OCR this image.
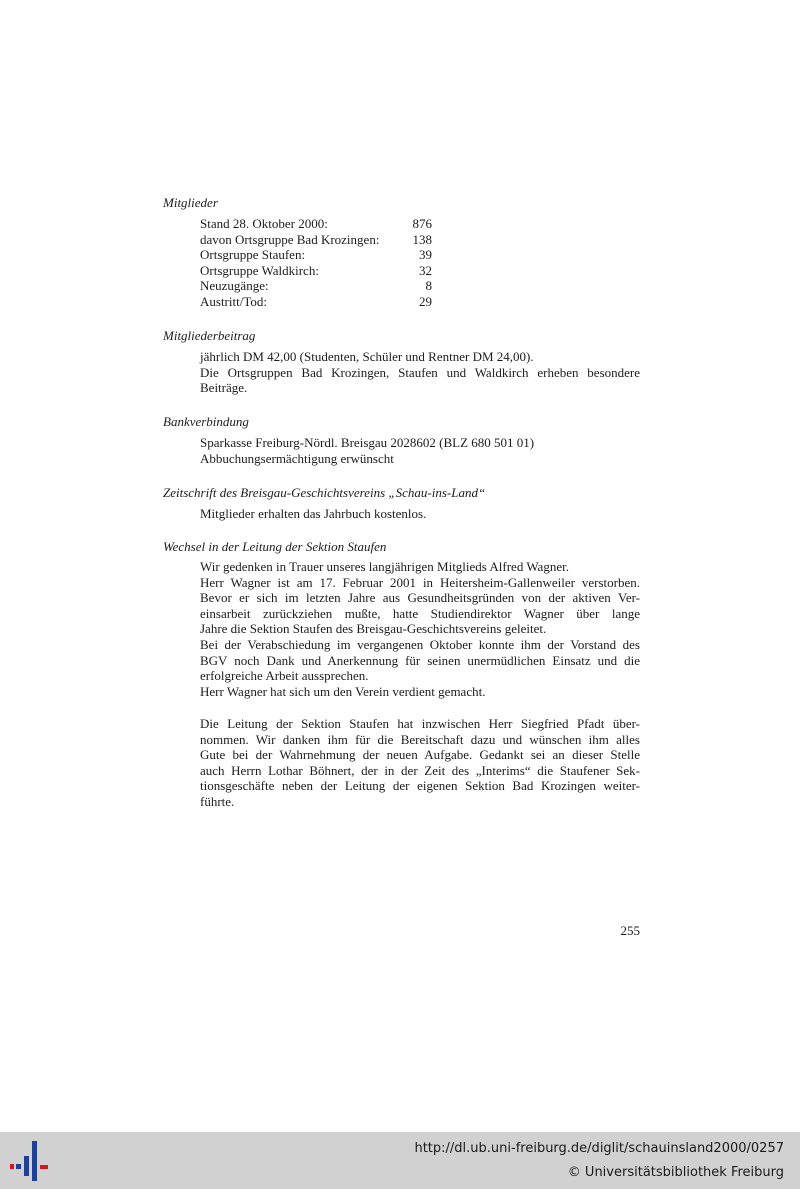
Mitglieder
Stand 28. Oktober 2000:	876
davon Ortsgruppe Bad Krozingen:	138
Ortsgruppe Staufen:	39
Ortsgruppe Waldkirch:	32
Neuzugänge:	8
Austritt/Tod:	29
Mitgliederbeitrag
jährlich DM 42,00 (Studenten, Schüler und Rentner DM 24,00).
Die Ortsgruppen Bad Krozingen, Staufen und Waldkirch erheben besondere
Beiträge.
Bankverbindung
Sparkasse Freiburg-Nördl. Breisgau 2028602 (BLZ 680 501 01)
Abbuchungsermächtigung erwünscht
Zeitschrift des Breisgau-Geschichtsvereins „Schau-ins-Land“
Mitglieder erhalten das Jahrbuch kostenlos.
Wechsel in der Leitung der Sektion Staufen
Wir gedenken in Trauer unseres langjährigen Mitglieds Alfred Wagner.
Herr Wagner ist am 17. Februar 2001 in Heitersheim-Gallenweiler verstorben.
Bevor er sich im letzten Jahre aus Gesundheitsgründen von der aktiven Ver-
einsarbeit zurückziehen mußte, hatte Studiendirektor Wagner über lange
Jahre die Sektion Staufen des Breisgau-Geschichtsvereins geleitet.
Bei der Verabschiedung im vergangenen Oktober konnte ihm der Vorstand des
BGV noch Dank und Anerkennung für seinen unermüdlichen Einsatz und die
erfolgreiche Arbeit aussprechen.
Herr Wagner hat sich um den Verein verdient gemacht.
Die Leitung der Sektion Staufen hat inzwischen Herr Siegfried Pfadt über-
nommen. Wir danken ihm für die Bereitschaft dazu und wünschen ihm alles
Gute bei der Wahrnehmung der neuen Aufgabe. Gedankt sei an dieser Stelle
auch Herrn Lothar Böhnert, der in der Zeit des „Interims“ die Staufener Sek-
tionsgeschäfte neben der Leitung der eigenen Sektion Bad Krozingen weiter-
führte.
255
http://dl.ub.uni-freiburg.de/diglit/schauinsland2000/0257
© Universitätsbibliothek Freiburg
